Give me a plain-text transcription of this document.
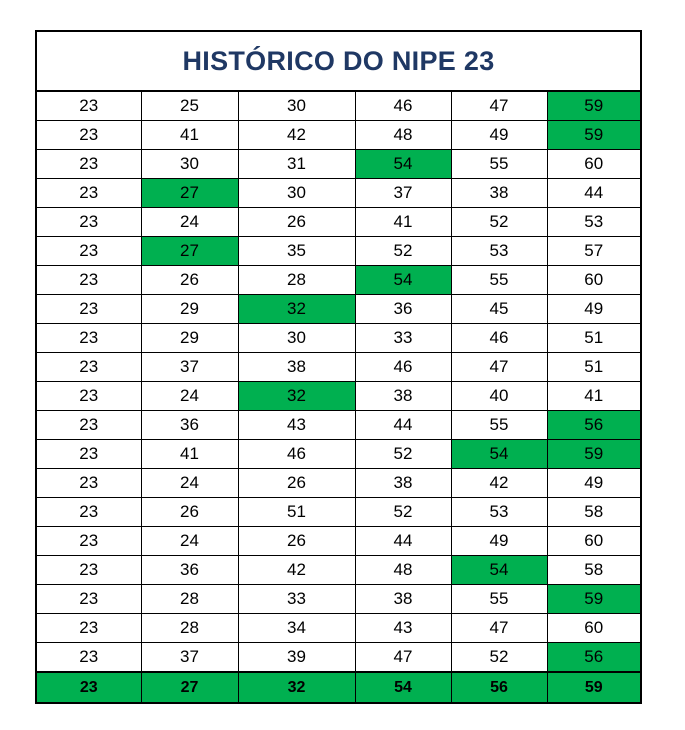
HISTÓRICO DO NIPE 23
23	25	30	46	47	59
23	41	42	48	49	59
23	30	31	54	55	60
23	27	30	37	38	44
23	24	26	41	52	53
23	27	35	52	53	57
23	26	28	54	55	60
23	29	32	36	45	49
23	29	30	33	46	51
23	37	38	46	47	51
23	24	32	38	40	41
23	36	43	44	55	56
23	41	46	52	54	59
23	24	26	38	42	49
23	26	51	52	53	58
23	24	26	44	49	60
23	36	42	48	54	58
23	28	33	38	55	59
23	28	34	43	47	60
23	37	39	47	52	56
23	27	32	54	56	59
